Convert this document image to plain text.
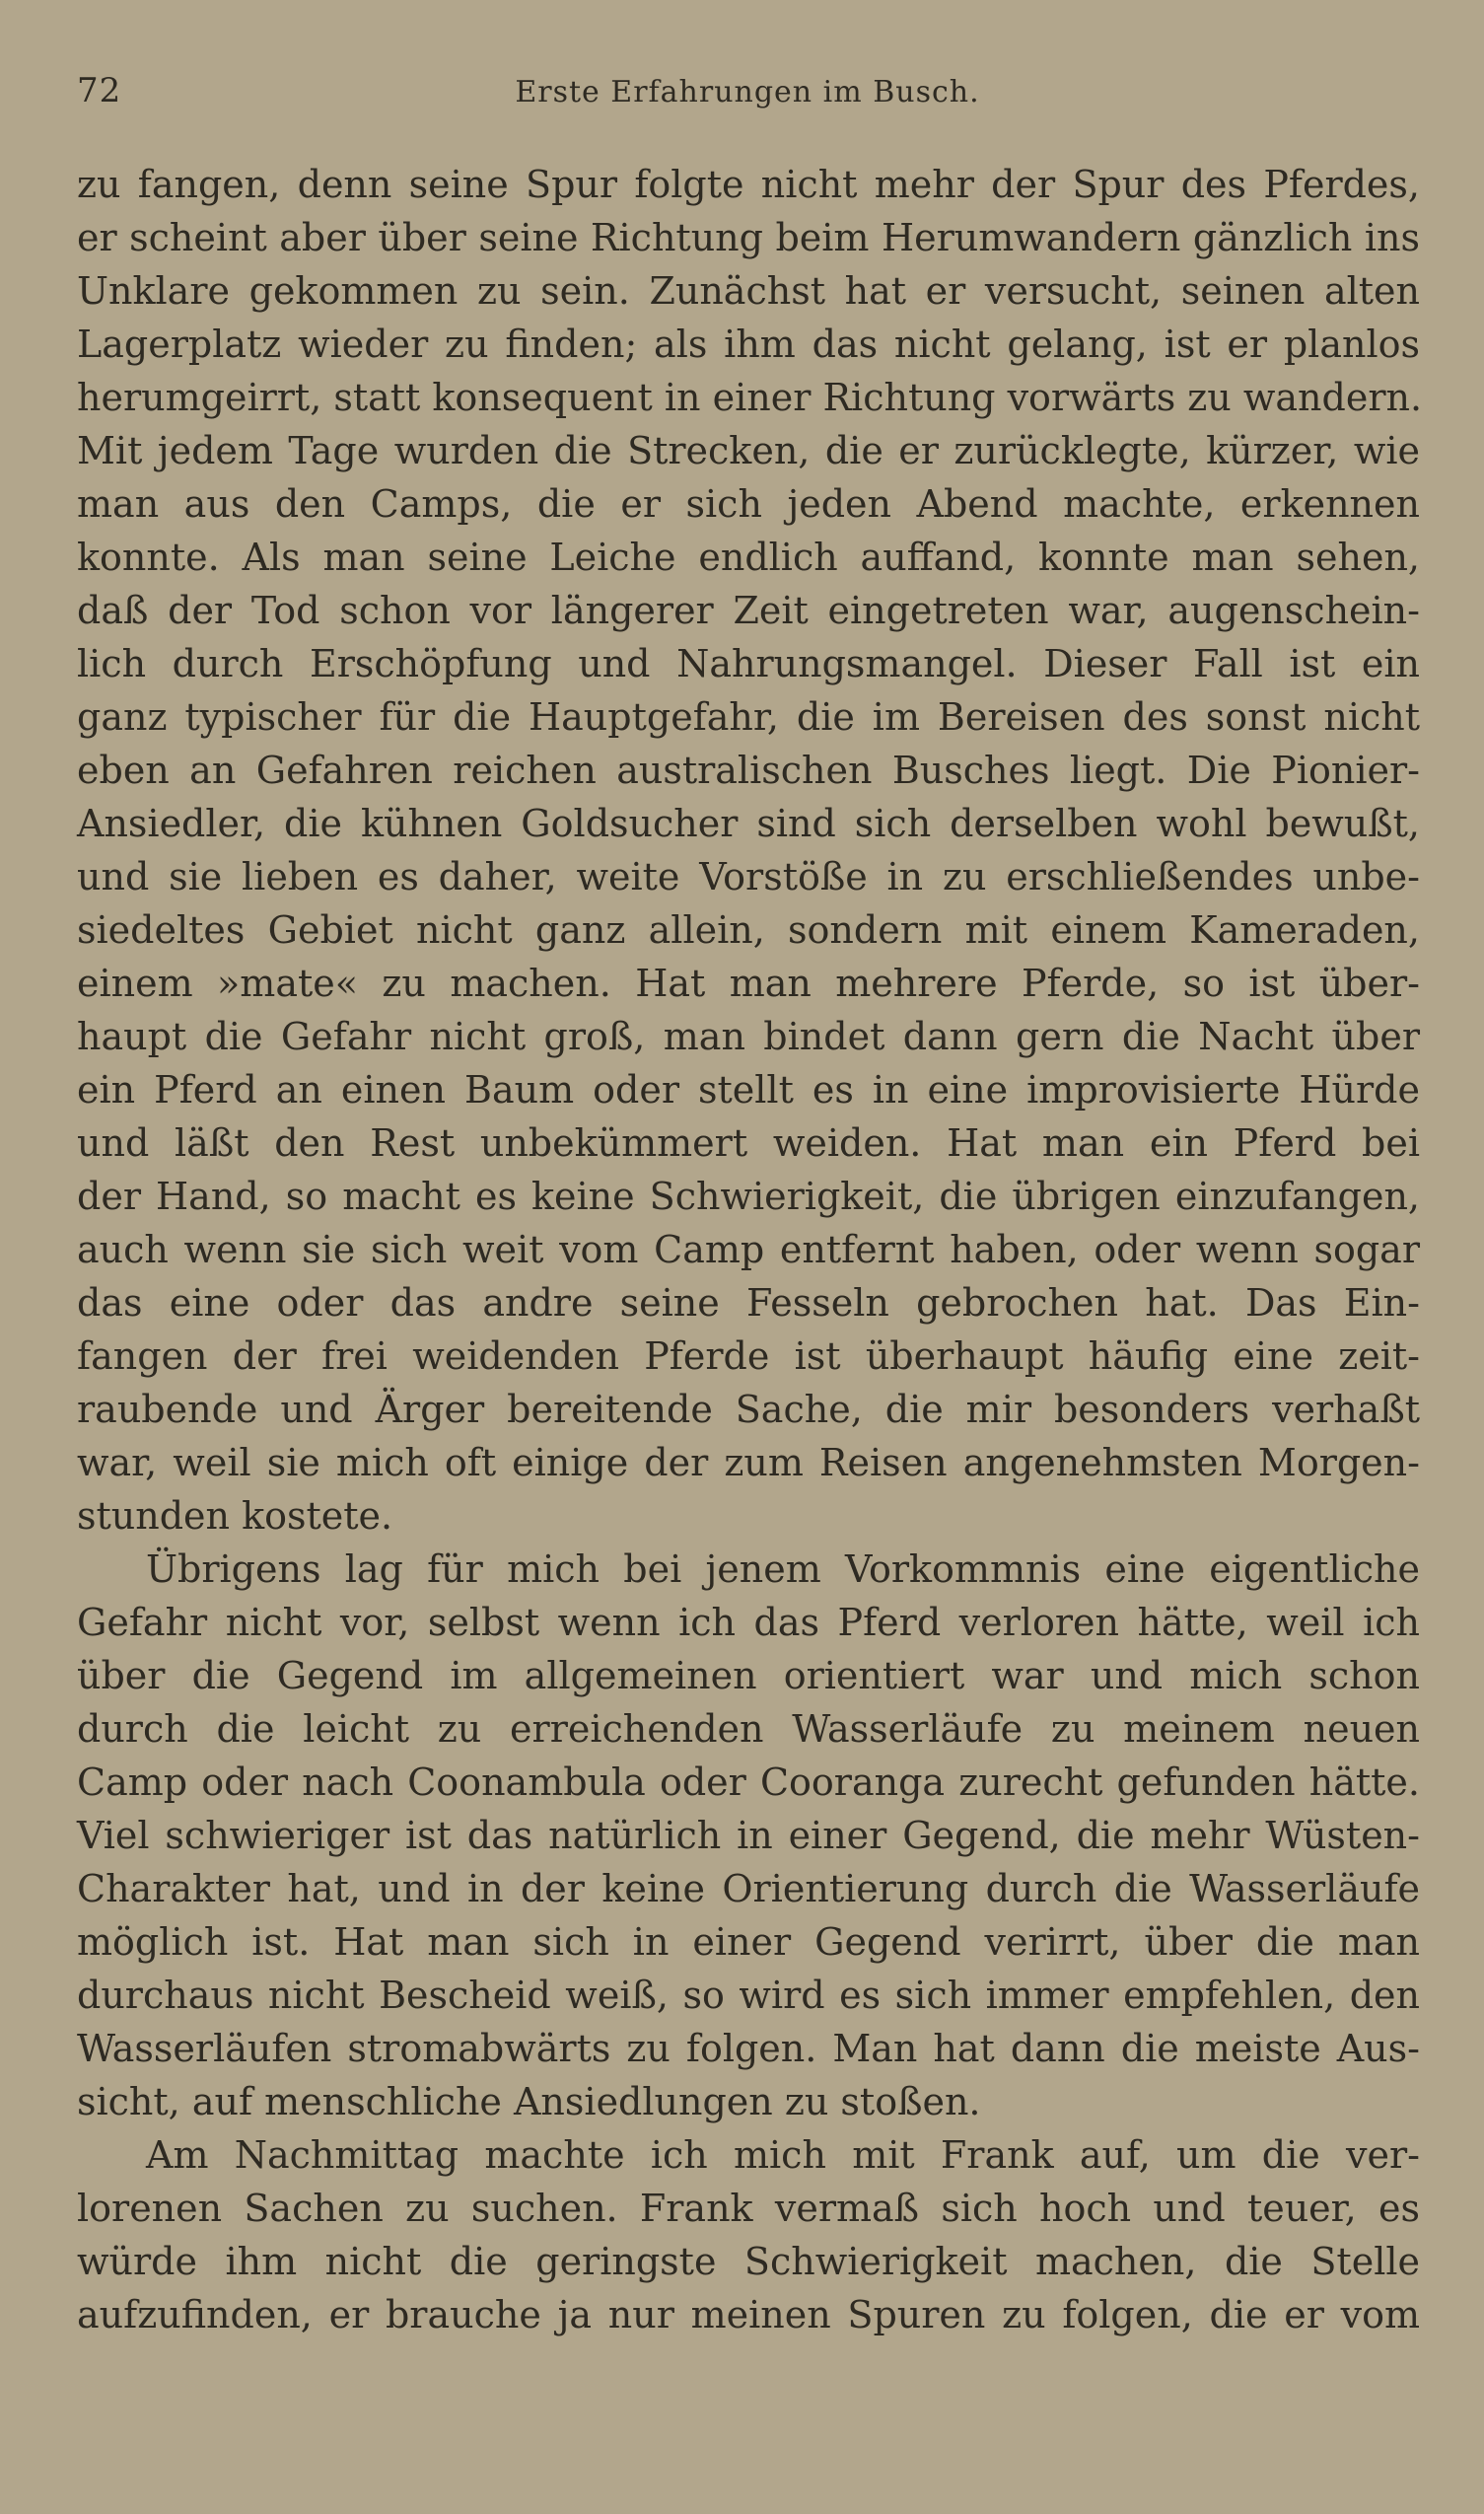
72	Erste Erfahrungen im Busch.
zu fangen, denn seine Spur folgte nicht mehr der Spur des Pferdes,
er scheint aber über seine Richtung beim Herumwandern gänzlich ins
Unklare gekommen zu sein. Zunächst hat er versucht, seinen alten
Lagerplatz wieder zu finden; als ihm das nicht gelang, ist er planlos
herumgeirrt, statt konsequent in einer Richtung vorwärts zu wandern.
Mit jedem Tage wurden die Strecken, die er zurücklegte, kürzer, wie
man aus den Camps, die er sich jeden Abend machte, erkennen
konnte. Als man seine Leiche endlich auffand, konnte man sehen,
daß der Tod schon vor längerer Zeit eingetreten war, augenschein-
lich durch Erschöpfung und Nahrungsmangel. Dieser Fall ist ein
ganz typischer für die Hauptgefahr, die im Bereisen des sonst nicht
eben an Gefahren reichen australischen Busches liegt. Die Pionier-
Ansiedler, die kühnen Goldsucher sind sich derselben wohl bewußt,
und sie lieben es daher, weite Vorstöße in zu erschließendes unbe-
siedeltes Gebiet nicht ganz allein, sondern mit einem Kameraden,
einem »mate« zu machen. Hat man mehrere Pferde, so ist über-
haupt die Gefahr nicht groß, man bindet dann gern die Nacht über
ein Pferd an einen Baum oder stellt es in eine improvisierte Hürde
und läßt den Rest unbekümmert weiden. Hat man ein Pferd bei
der Hand, so macht es keine Schwierigkeit, die übrigen einzufangen,
auch wenn sie sich weit vom Camp entfernt haben, oder wenn sogar
das eine oder das andre seine Fesseln gebrochen hat. Das Ein-
fangen der frei weidenden Pferde ist überhaupt häufig eine zeit-
raubende und Ärger bereitende Sache, die mir besonders verhaßt
war, weil sie mich oft einige der zum Reisen angenehmsten Morgen-
stunden kostete.
Übrigens lag für mich bei jenem Vorkommnis eine eigentliche
Gefahr nicht vor, selbst wenn ich das Pferd verloren hätte, weil ich
über die Gegend im allgemeinen orientiert war und mich schon
durch die leicht zu erreichenden Wasserläufe zu meinem neuen
Camp oder nach Coonambula oder Cooranga zurecht gefunden hätte.
Viel schwieriger ist das natürlich in einer Gegend, die mehr Wüsten-
Charakter hat, und in der keine Orientierung durch die Wasserläufe
möglich ist. Hat man sich in einer Gegend verirrt, über die man
durchaus nicht Bescheid weiß, so wird es sich immer empfehlen, den
Wasserläufen stromabwärts zu folgen. Man hat dann die meiste Aus-
sicht, auf menschliche Ansiedlungen zu stoßen.
Am Nachmittag machte ich mich mit Frank auf, um die ver-
lorenen Sachen zu suchen. Frank vermaß sich hoch und teuer, es
würde ihm nicht die geringste Schwierigkeit machen, die Stelle
aufzufinden, er brauche ja nur meinen Spuren zu folgen, die er vom
